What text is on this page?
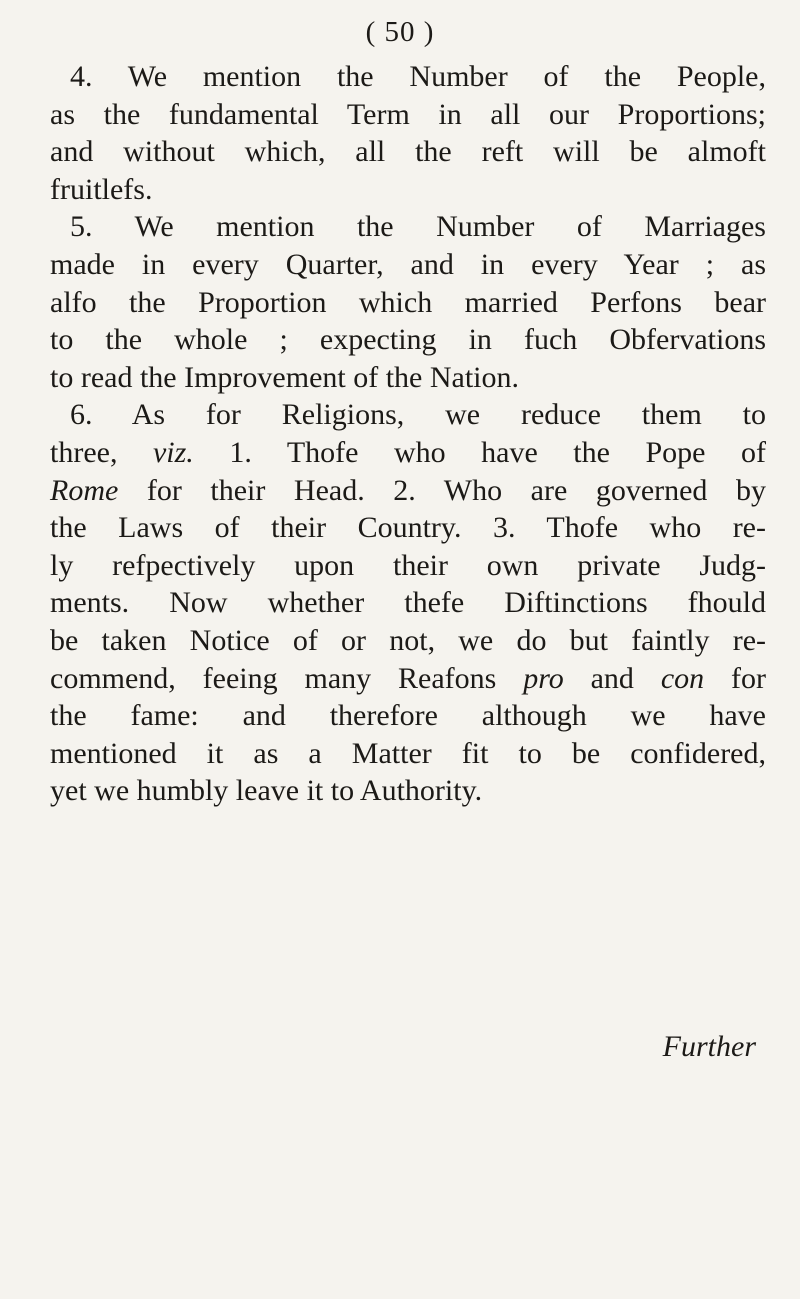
( 50 )
4. We mention the Number of the People,
as the fundamental Term in all our Proportions;
and without which, all the reft will be almoft
fruitlefs.
5. We mention the Number of Marriages
made in every Quarter, and in every Year ; as
alfo the Proportion which married Perfons bear
to the whole ; expecting in fuch Obfervations
to read the Improvement of the Nation.
6. As for Religions, we reduce them to
three, viz. 1. Thofe who have the Pope of
Rome for their Head. 2. Who are governed by
the Laws of their Country. 3. Thofe who re-
ly refpectively upon their own private Judg-
ments. Now whether thefe Diftinctions fhould
be taken Notice of or not, we do but faintly re-
commend, feeing many Reafons pro and con for
the fame: and therefore although we have
mentioned it as a Matter fit to be confidered,
yet we humbly leave it to Authority.
Further
